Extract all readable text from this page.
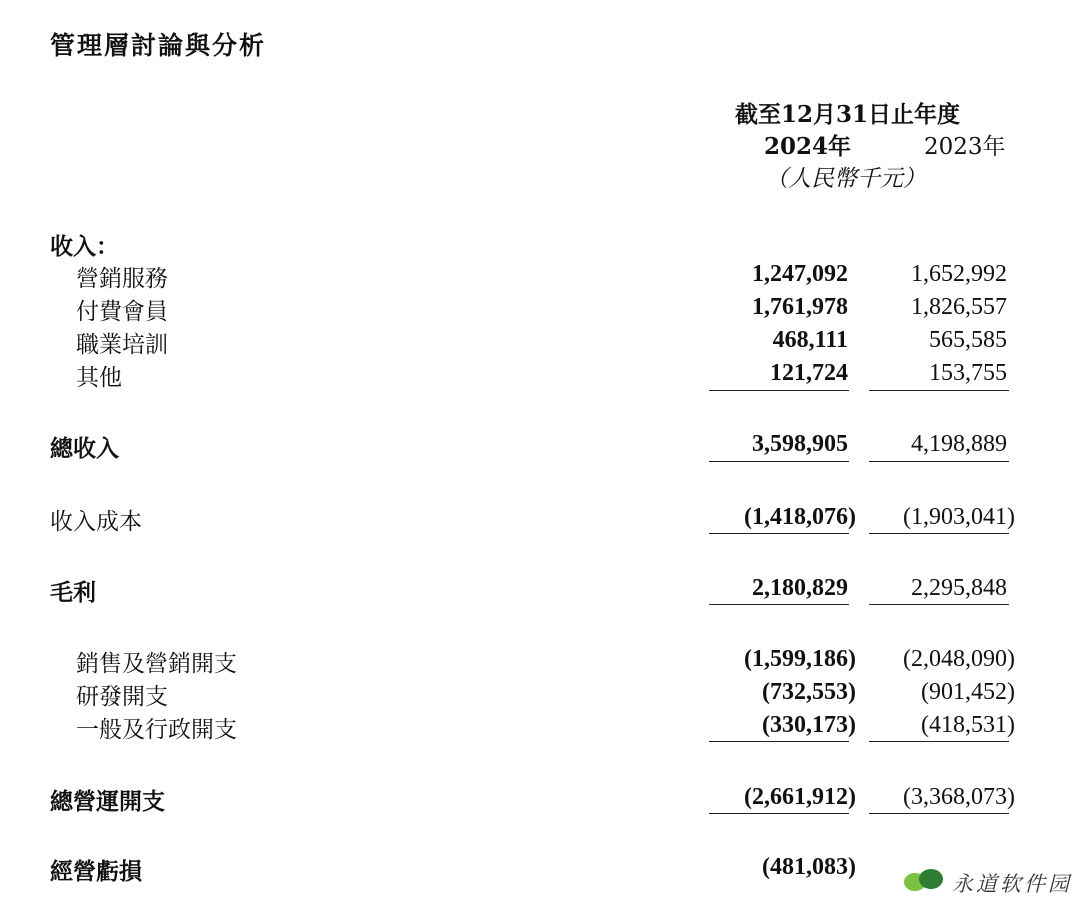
管理層討論與分析
截至12月31日止年度
2024年	2023年
（人民幣千元）
收入：
營銷服務	1,247,092	1,652,992
付費會員	1,761,978	1,826,557
職業培訓	468,111	565,585
其他	121,724	153,755
總收入	3,598,905	4,198,889
收入成本	(1,418,076) (1,903,041)
毛利	2,180,829	2,295,848
銷售及營銷開支	(1,599,186) (2,048,090)
研發開支	(732,553)	(901,452)
一般及行政開支	(330,173)	(418,531)
總營運開支	(2,661,912) (3,368,073)
經營虧損	(481,083)
永道软件园
